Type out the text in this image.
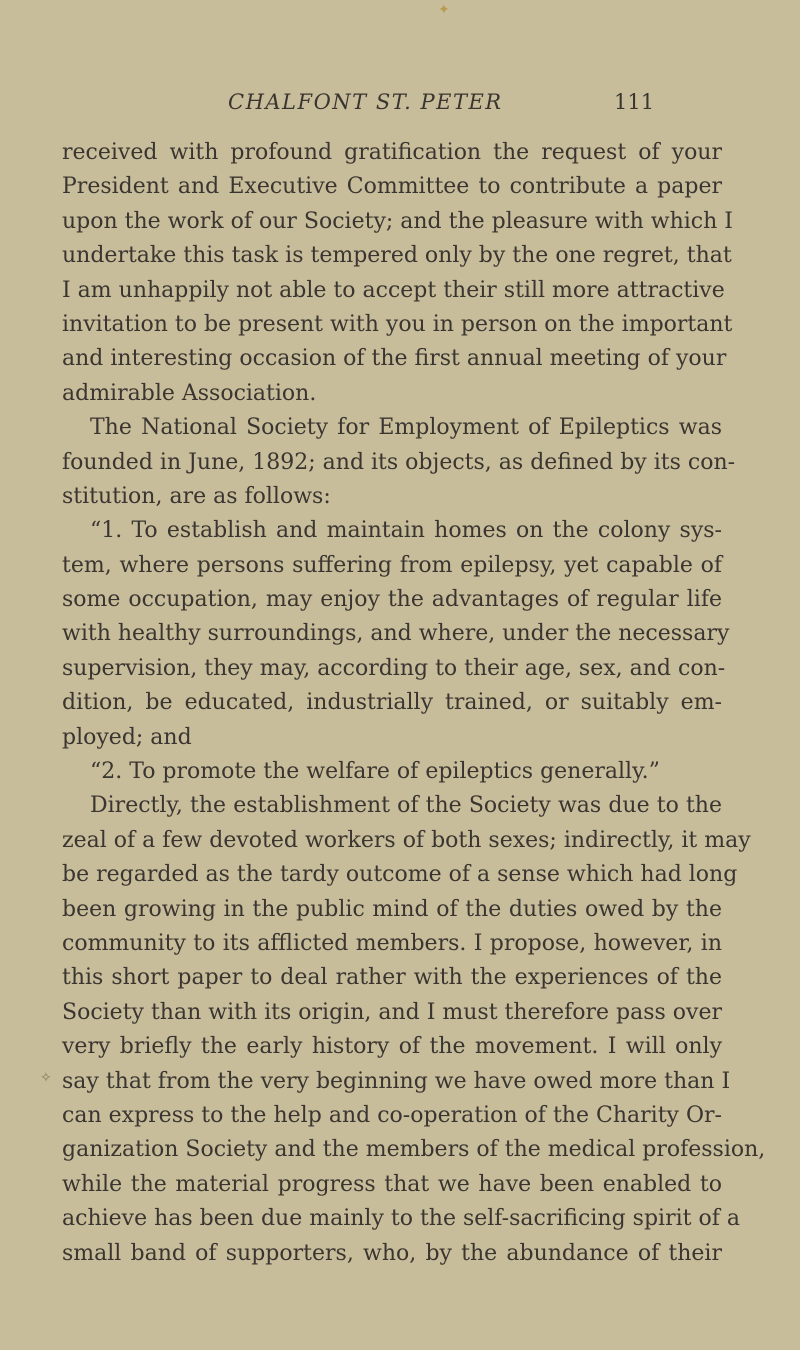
✦
CHALFONT ST. PETER	111
received with profound gratification the request of your
President and Executive Committee to contribute a paper
upon the work of our Society; and the pleasure with which I
undertake this task is tempered only by the one regret, that
I am unhappily not able to accept their still more attractive
invitation to be present with you in person on the important
and interesting occasion of the first annual meeting of your
admirable Association.
The National Society for Employment of Epileptics was
founded in June, 1892; and its objects, as defined by its con-
stitution, are as follows:
“1. To establish and maintain homes on the colony sys-
tem, where persons suffering from epilepsy, yet capable of
some occupation, may enjoy the advantages of regular life
with healthy surroundings, and where, under the necessary
supervision, they may, according to their age, sex, and con-
dition, be educated, industrially trained, or suitably em-
ployed; and
“2. To promote the welfare of epileptics generally.”
Directly, the establishment of the Society was due to the
zeal of a few devoted workers of both sexes; indirectly, it may
be regarded as the tardy outcome of a sense which had long
been growing in the public mind of the duties owed by the
community to its afflicted members. I propose, however, in
this short paper to deal rather with the experiences of the
Society than with its origin, and I must therefore pass over
very briefly the early history of the movement. I will only
say that from the very beginning we have owed more than I
can express to the help and co-operation of the Charity Or-
ganization Society and the members of the medical profession,
while the material progress that we have been enabled to
achieve has been due mainly to the self-sacrificing spirit of a
small band of supporters, who, by the abundance of their
✧
